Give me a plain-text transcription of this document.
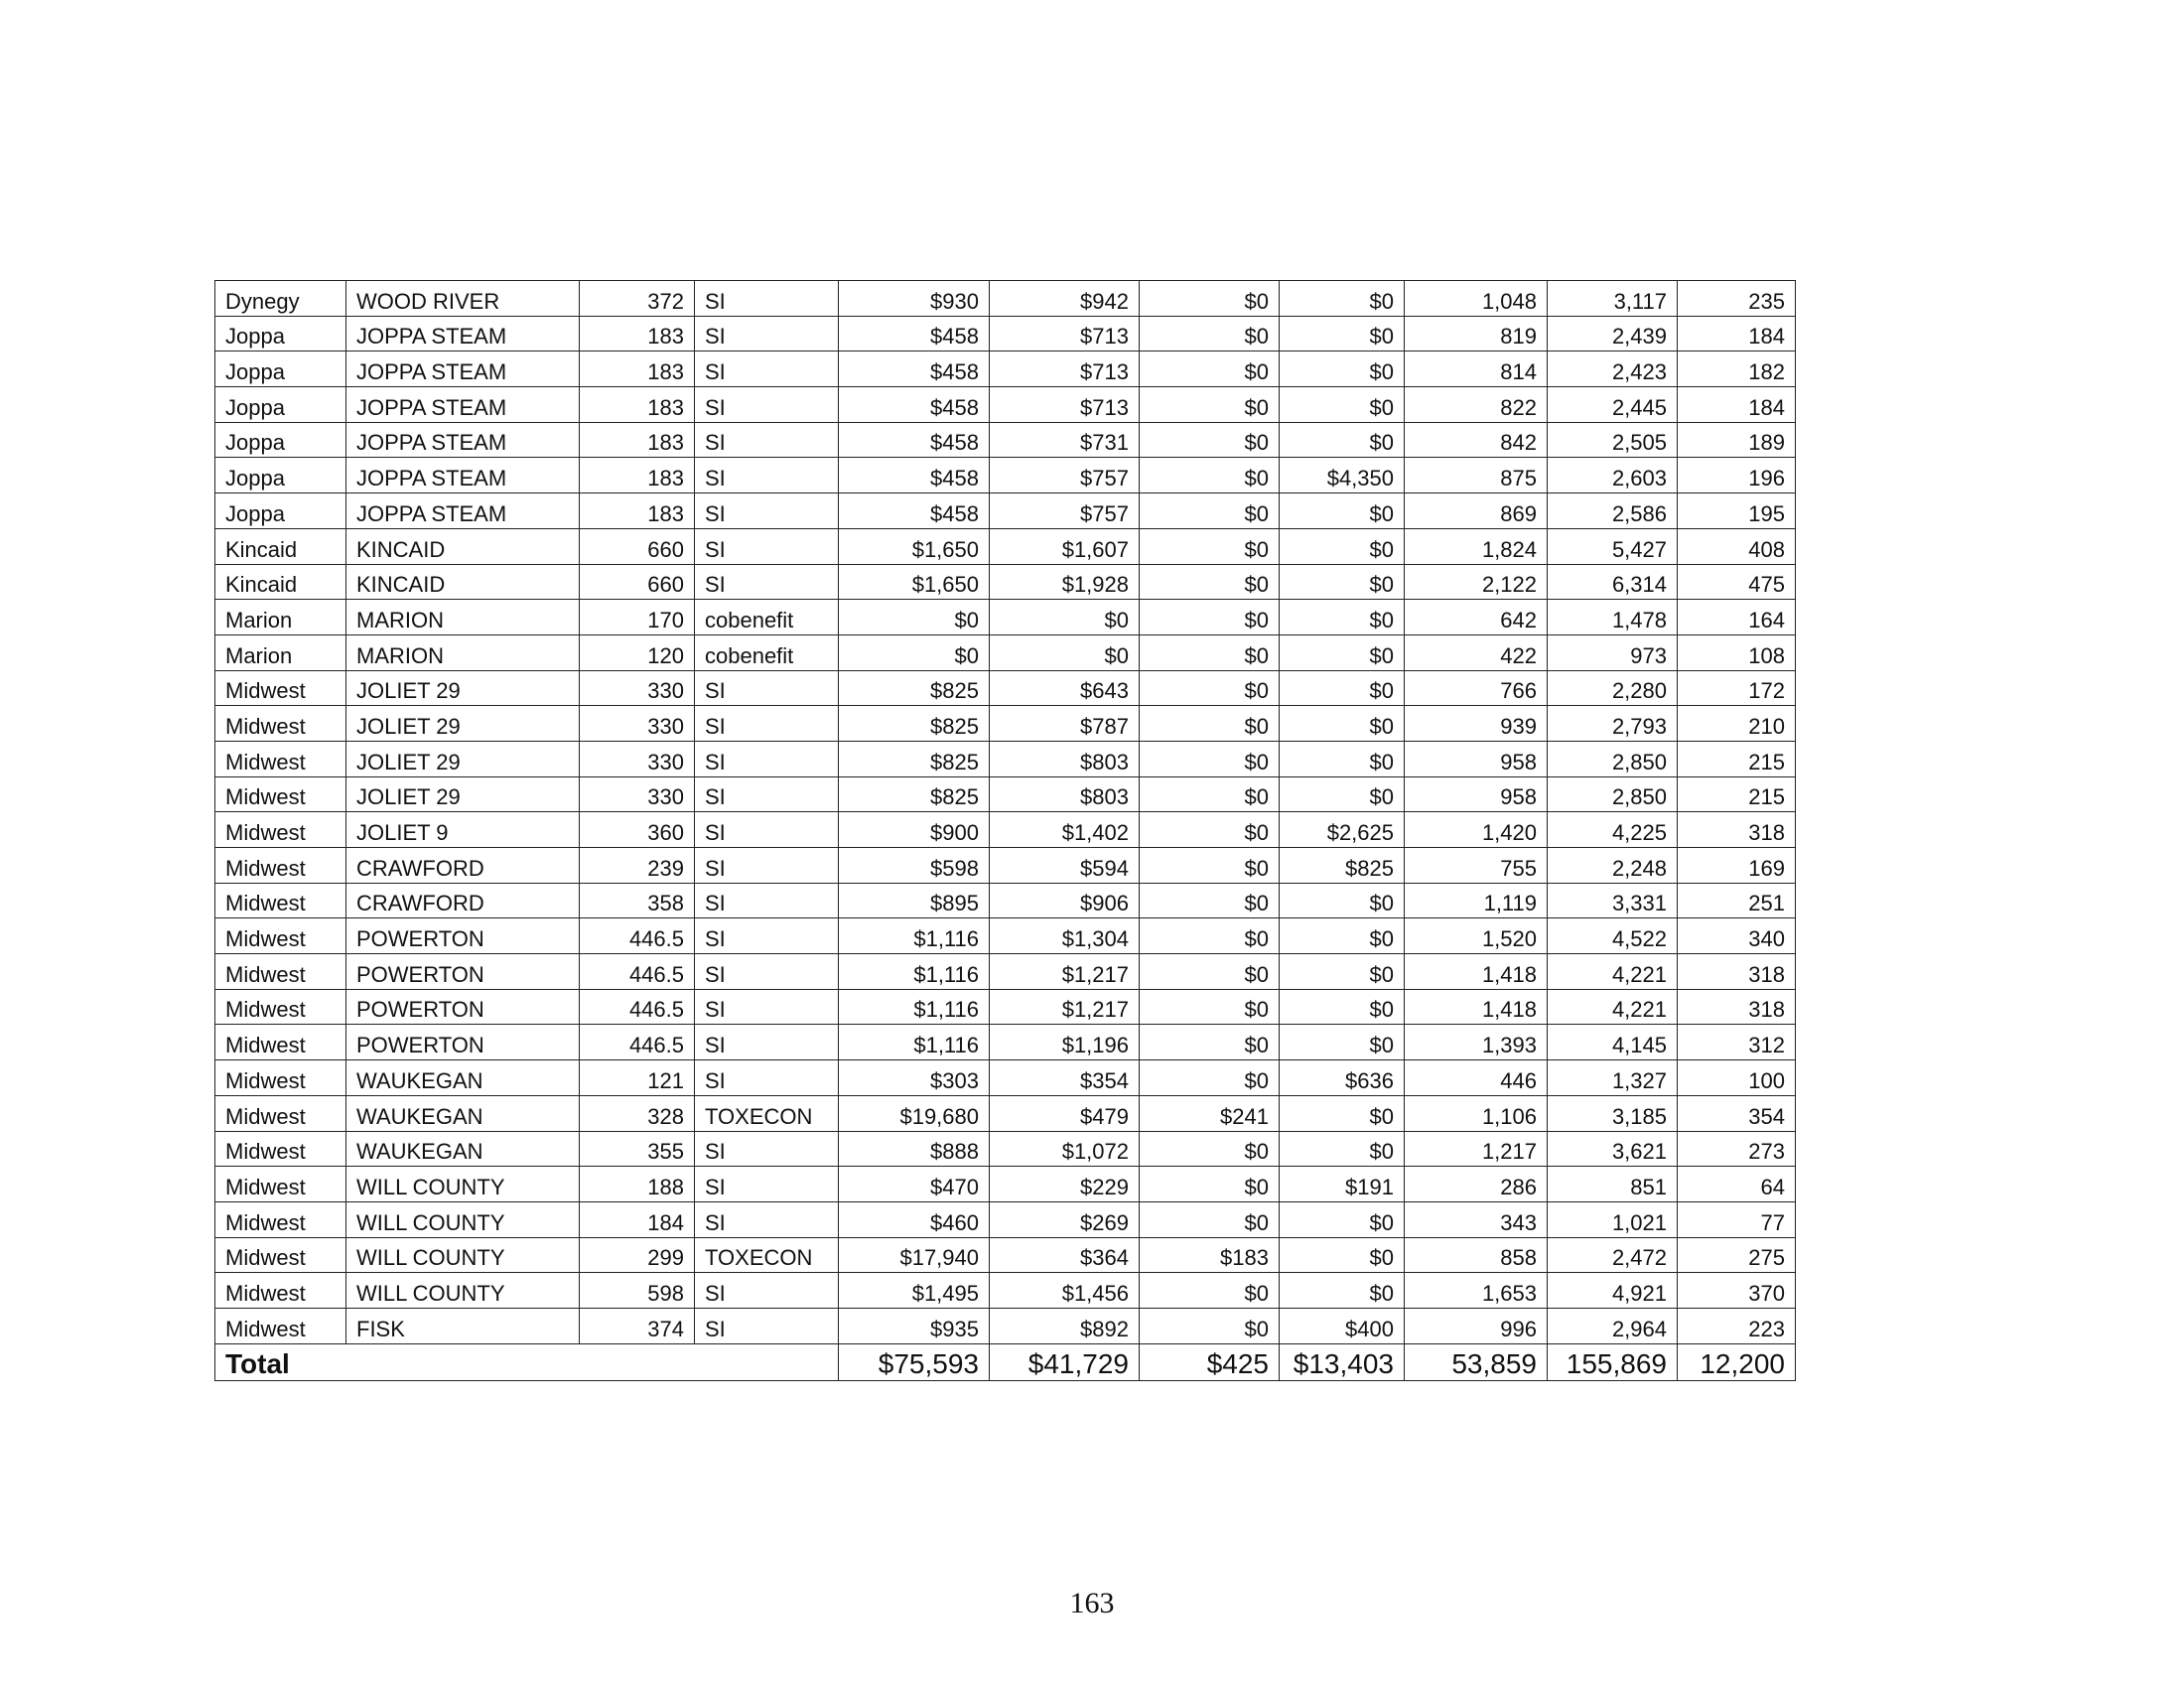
Dynegy	WOOD RIVER	372	SI	$930	$942	$0	$0	1,048	3,117	235
Joppa	JOPPA STEAM	183	SI	$458	$713	$0	$0	819	2,439	184
Joppa	JOPPA STEAM	183	SI	$458	$713	$0	$0	814	2,423	182
Joppa	JOPPA STEAM	183	SI	$458	$713	$0	$0	822	2,445	184
Joppa	JOPPA STEAM	183	SI	$458	$731	$0	$0	842	2,505	189
Joppa	JOPPA STEAM	183	SI	$458	$757	$0	$4,350	875	2,603	196
Joppa	JOPPA STEAM	183	SI	$458	$757	$0	$0	869	2,586	195
Kincaid	KINCAID	660	SI	$1,650	$1,607	$0	$0	1,824	5,427	408
Kincaid	KINCAID	660	SI	$1,650	$1,928	$0	$0	2,122	6,314	475
Marion	MARION	170	cobenefit	$0	$0	$0	$0	642	1,478	164
Marion	MARION	120	cobenefit	$0	$0	$0	$0	422	973	108
Midwest	JOLIET 29	330	SI	$825	$643	$0	$0	766	2,280	172
Midwest	JOLIET 29	330	SI	$825	$787	$0	$0	939	2,793	210
Midwest	JOLIET 29	330	SI	$825	$803	$0	$0	958	2,850	215
Midwest	JOLIET 29	330	SI	$825	$803	$0	$0	958	2,850	215
Midwest	JOLIET 9	360	SI	$900	$1,402	$0	$2,625	1,420	4,225	318
Midwest	CRAWFORD	239	SI	$598	$594	$0	$825	755	2,248	169
Midwest	CRAWFORD	358	SI	$895	$906	$0	$0	1,119	3,331	251
Midwest	POWERTON	446.5	SI	$1,116	$1,304	$0	$0	1,520	4,522	340
Midwest	POWERTON	446.5	SI	$1,116	$1,217	$0	$0	1,418	4,221	318
Midwest	POWERTON	446.5	SI	$1,116	$1,217	$0	$0	1,418	4,221	318
Midwest	POWERTON	446.5	SI	$1,116	$1,196	$0	$0	1,393	4,145	312
Midwest	WAUKEGAN	121	SI	$303	$354	$0	$636	446	1,327	100
Midwest	WAUKEGAN	328	TOXECON	$19,680	$479	$241	$0	1,106	3,185	354
Midwest	WAUKEGAN	355	SI	$888	$1,072	$0	$0	1,217	3,621	273
Midwest	WILL COUNTY	188	SI	$470	$229	$0	$191	286	851	64
Midwest	WILL COUNTY	184	SI	$460	$269	$0	$0	343	1,021	77
Midwest	WILL COUNTY	299	TOXECON	$17,940	$364	$183	$0	858	2,472	275
Midwest	WILL COUNTY	598	SI	$1,495	$1,456	$0	$0	1,653	4,921	370
Midwest	FISK	374	SI	$935	$892	$0	$400	996	2,964	223
Total				$75,593	$41,729	$425	$13,403	53,859	155,869	12,200
163
